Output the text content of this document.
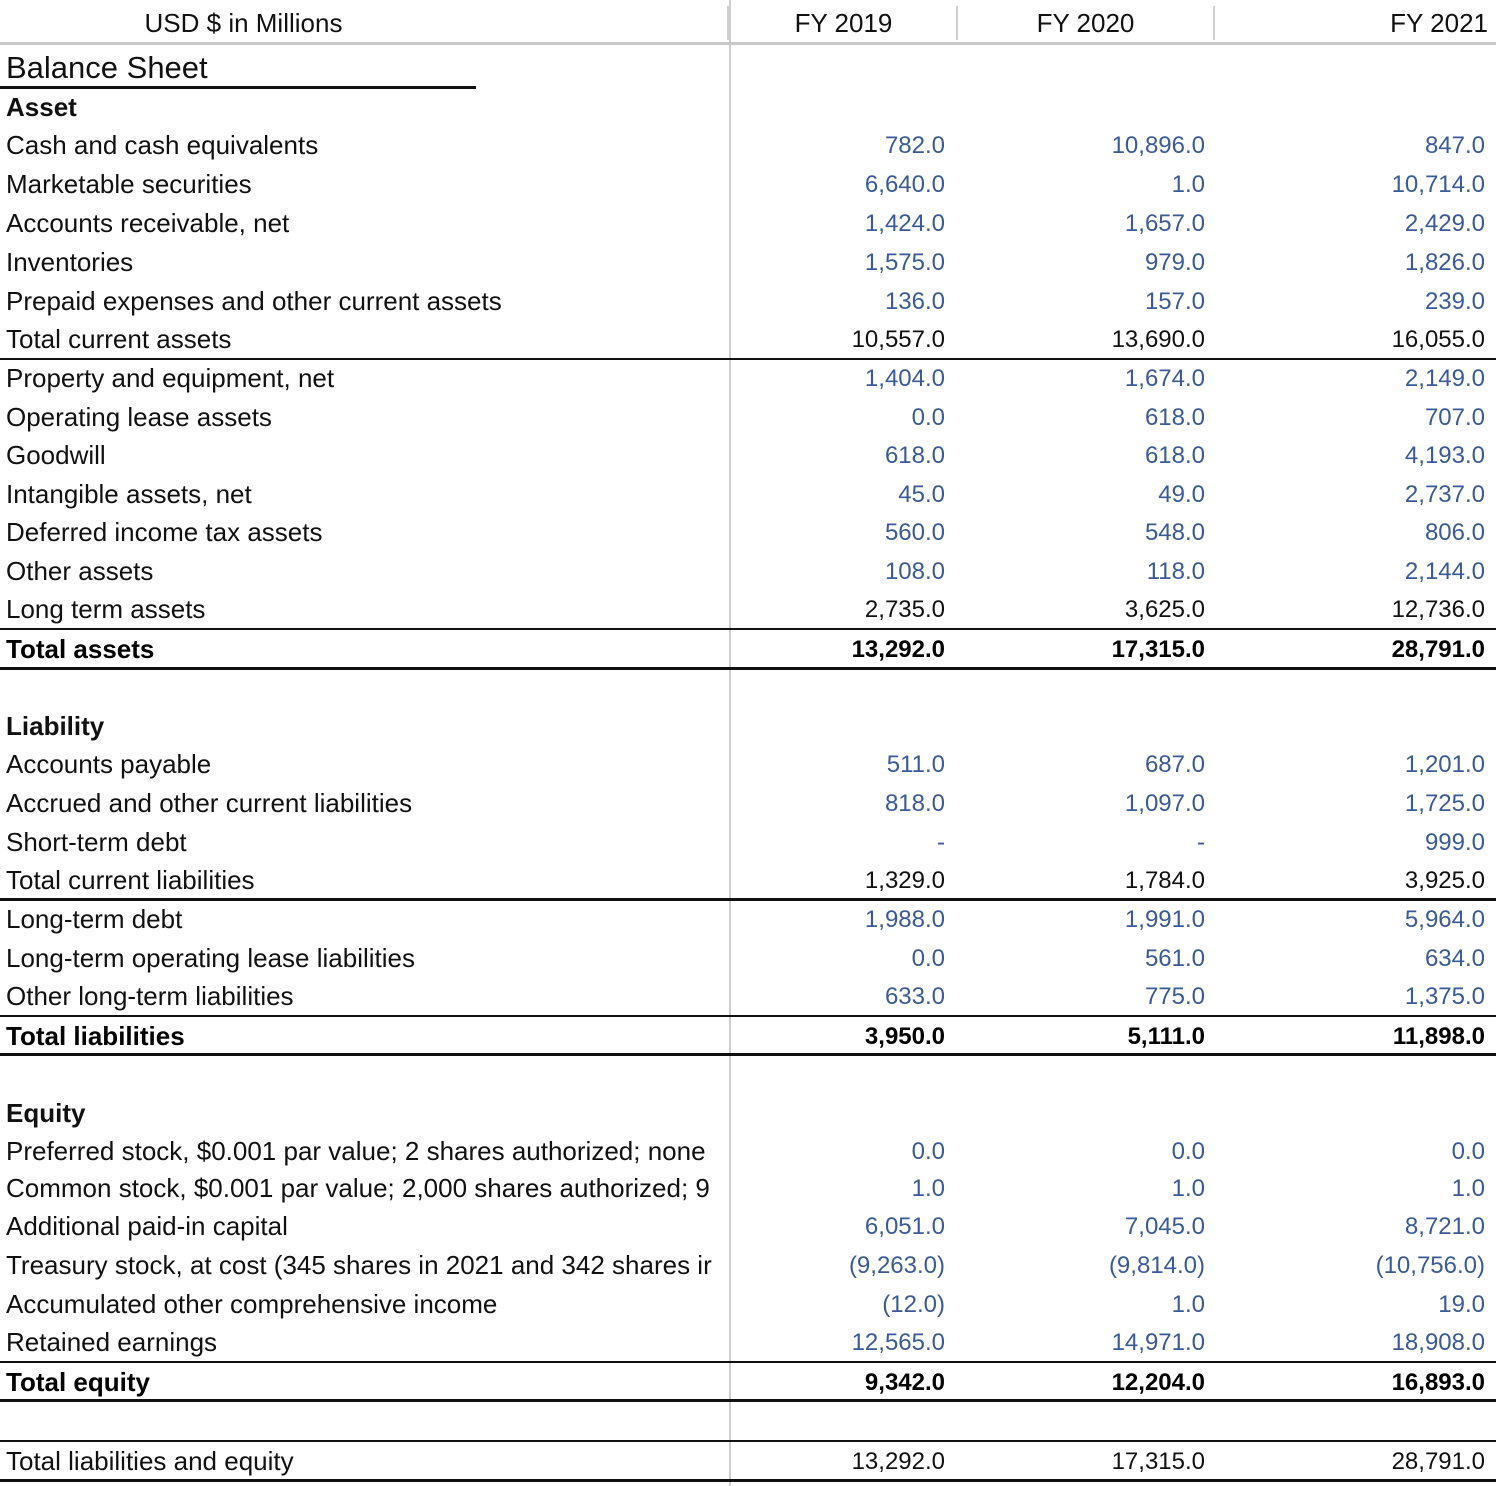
USD $ in Millions	FY 2019	FY 2020	FY 2021
Balance Sheet
Asset
Cash and cash equivalents	782.0	10,896.0	847.0
Marketable securities	6,640.0	1.0	10,714.0
Accounts receivable, net	1,424.0	1,657.0	2,429.0
Inventories	1,575.0	979.0	1,826.0
Prepaid expenses and other current assets	136.0	157.0	239.0
Total current assets	10,557.0	13,690.0	16,055.0
Property and equipment, net	1,404.0	1,674.0	2,149.0
Operating lease assets	0.0	618.0	707.0
Goodwill	618.0	618.0	4,193.0
Intangible assets, net	45.0	49.0	2,737.0
Deferred income tax assets	560.0	548.0	806.0
Other assets	108.0	118.0	2,144.0
Long term assets	2,735.0	3,625.0	12,736.0
Total assets	13,292.0	17,315.0	28,791.0
Liability
Accounts payable	511.0	687.0	1,201.0
Accrued and other current liabilities	818.0	1,097.0	1,725.0
Short-term debt	-	-	999.0
Total current liabilities	1,329.0	1,784.0	3,925.0
Long-term debt	1,988.0	1,991.0	5,964.0
Long-term operating lease liabilities	0.0	561.0	634.0
Other long-term liabilities	633.0	775.0	1,375.0
Total liabilities	3,950.0	5,111.0	11,898.0
Equity
Preferred stock, $0.001 par value; 2 shares authorized; none	0.0	0.0	0.0
Common stock, $0.001 par value; 2,000 shares authorized; 9	1.0	1.0	1.0
Additional paid-in capital	6,051.0	7,045.0	8,721.0
Treasury stock, at cost (345 shares in 2021 and 342 shares ir	(9,263.0)	(9,814.0)	(10,756.0)
Accumulated other comprehensive income	(12.0)	1.0	19.0
Retained earnings	12,565.0	14,971.0	18,908.0
Total equity	9,342.0	12,204.0	16,893.0
Total liabilities and equity	13,292.0	17,315.0	28,791.0
